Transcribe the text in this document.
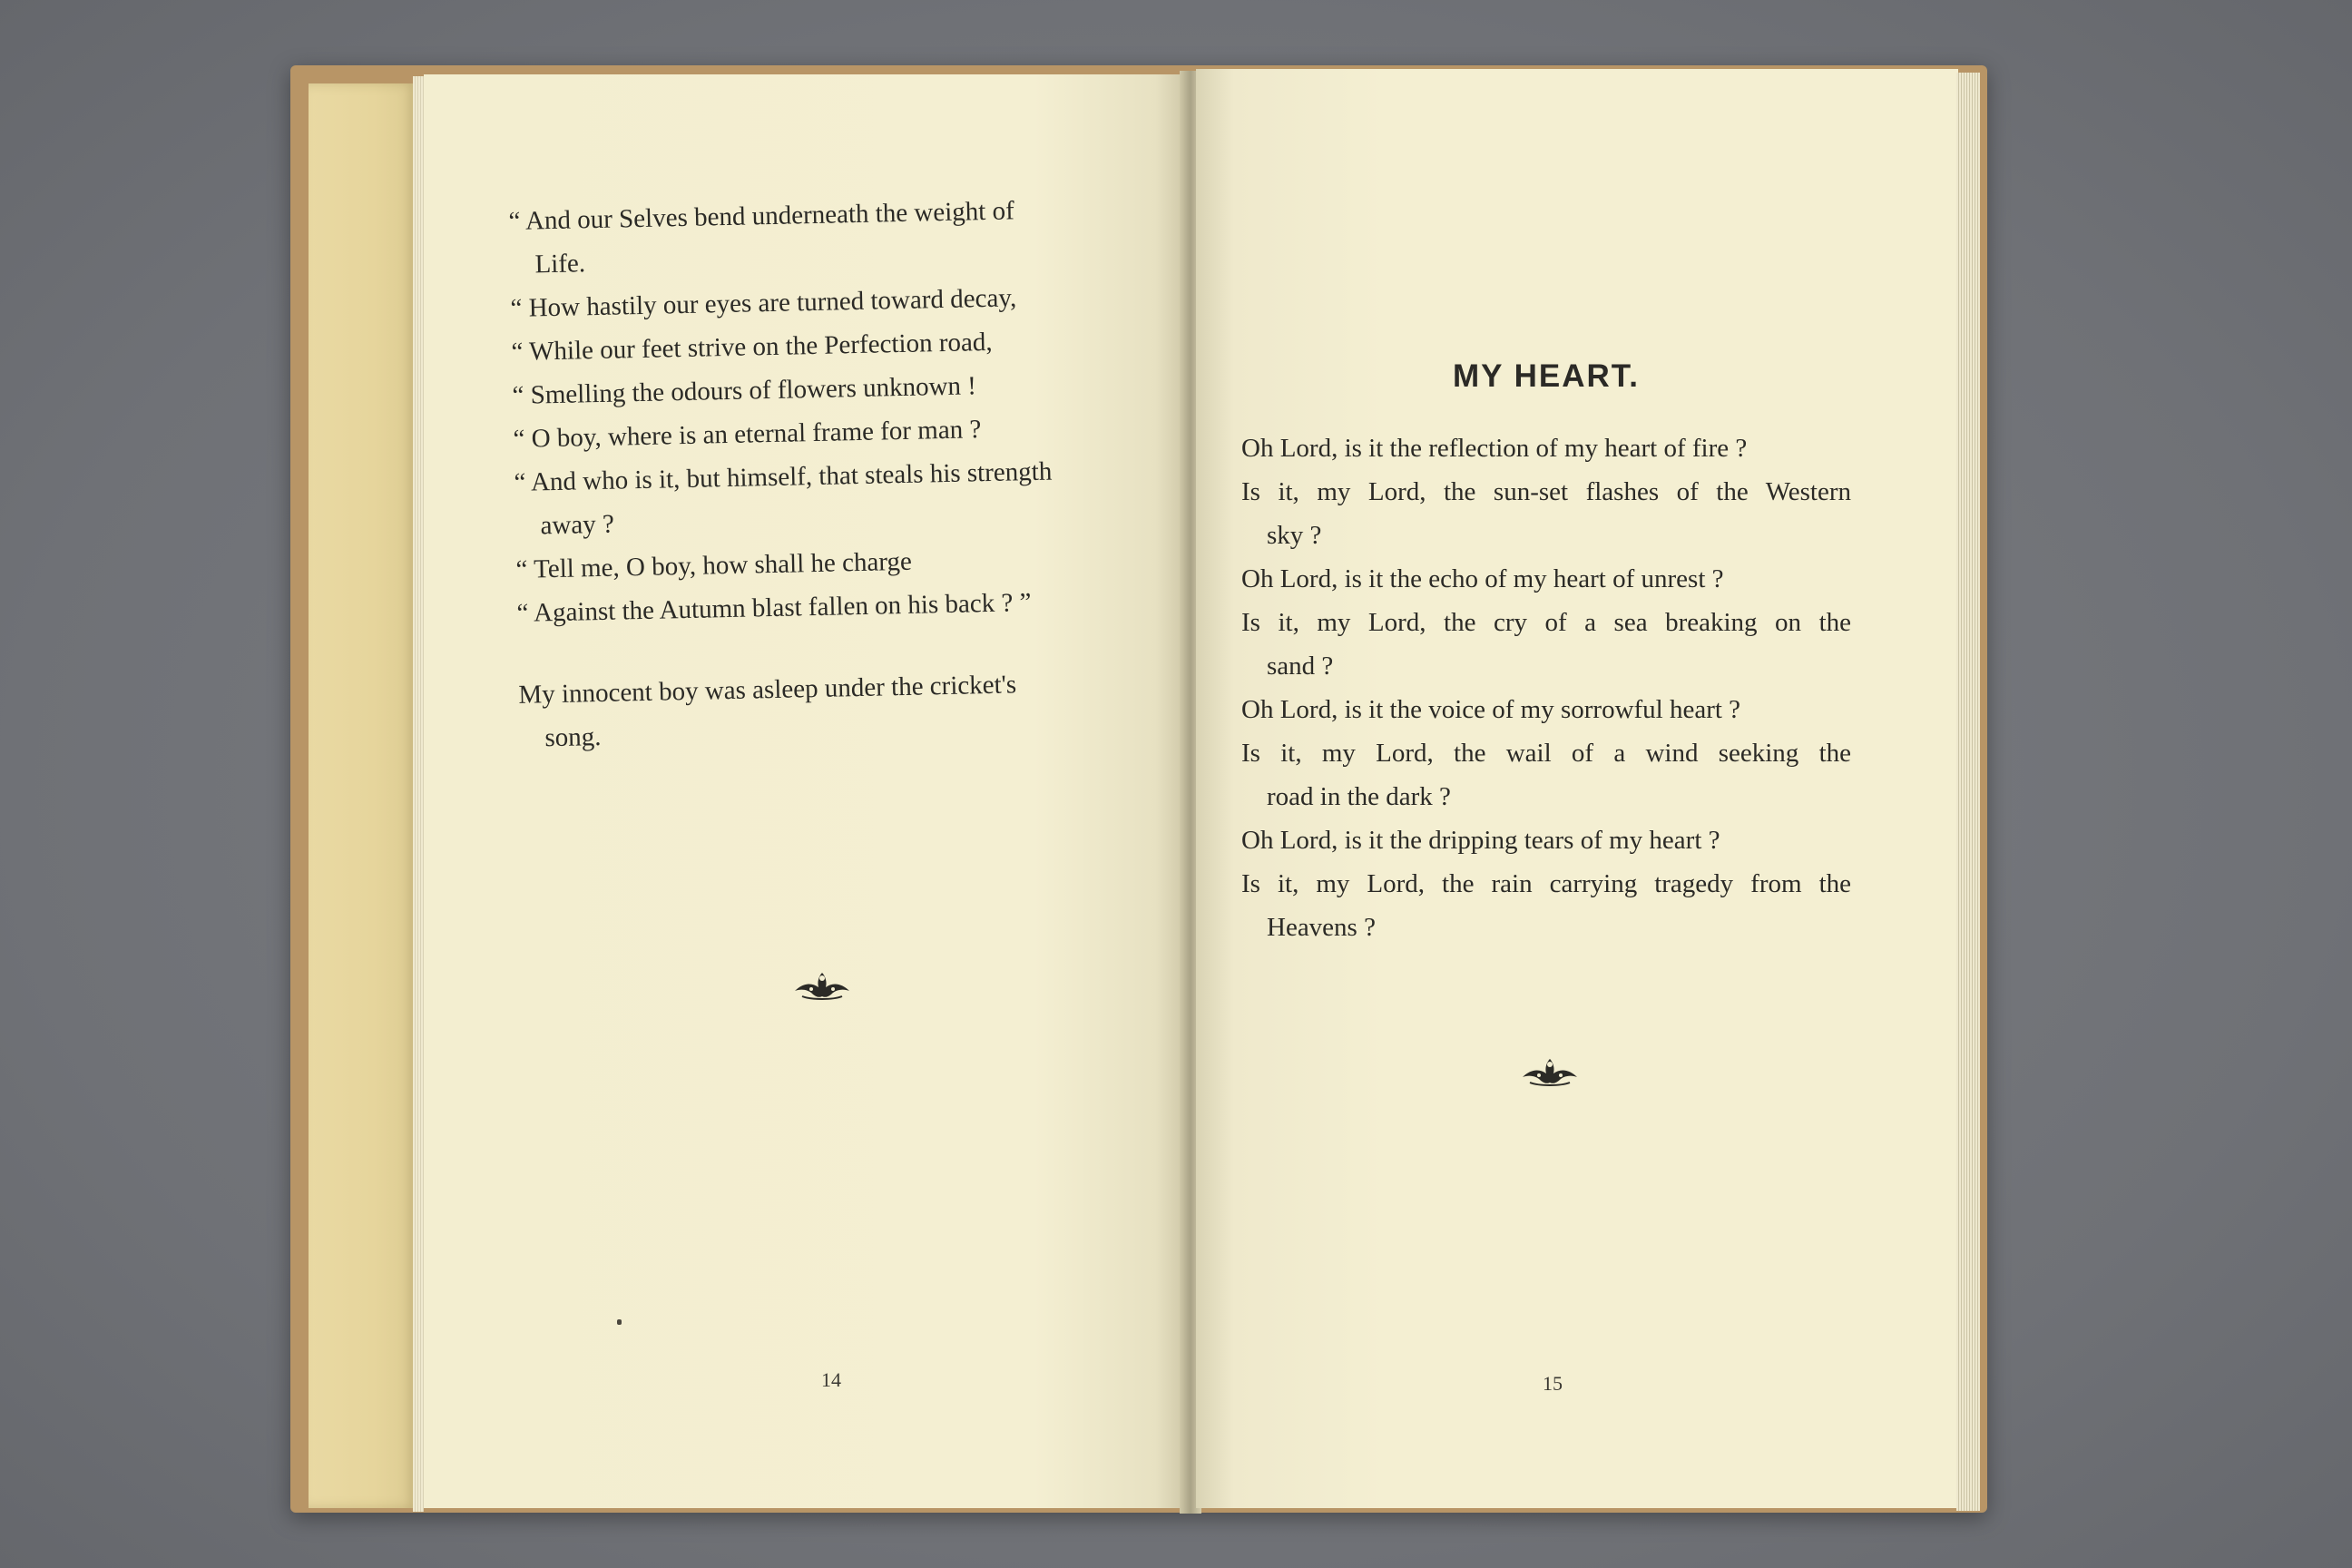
“ And our Selves bend underneath the weight of
Life.
“ How hastily our eyes are turned toward decay,
“ While our feet strive on the Perfection road,
“ Smelling the odours of flowers unknown !
“ O boy, where is an eternal frame for man ?
“ And who is it, but himself, that steals his strength
away ?
“ Tell me, O boy, how shall he charge
“ Against the Autumn blast fallen on his back ? ”
My innocent boy was asleep under the cricket's
song.
14
MY HEART.
Oh Lord, is it the reflection of my heart of fire ?
Is it, my Lord, the sun-set flashes of the Western
sky ?
Oh Lord, is it the echo of my heart of unrest ?
Is it, my Lord, the cry of a sea breaking on the
sand ?
Oh Lord, is it the voice of my sorrowful heart ?
Is it, my Lord, the wail of a wind seeking the
road in the dark ?
Oh Lord, is it the dripping tears of my heart ?
Is it, my Lord, the rain carrying tragedy from the
Heavens ?
15
